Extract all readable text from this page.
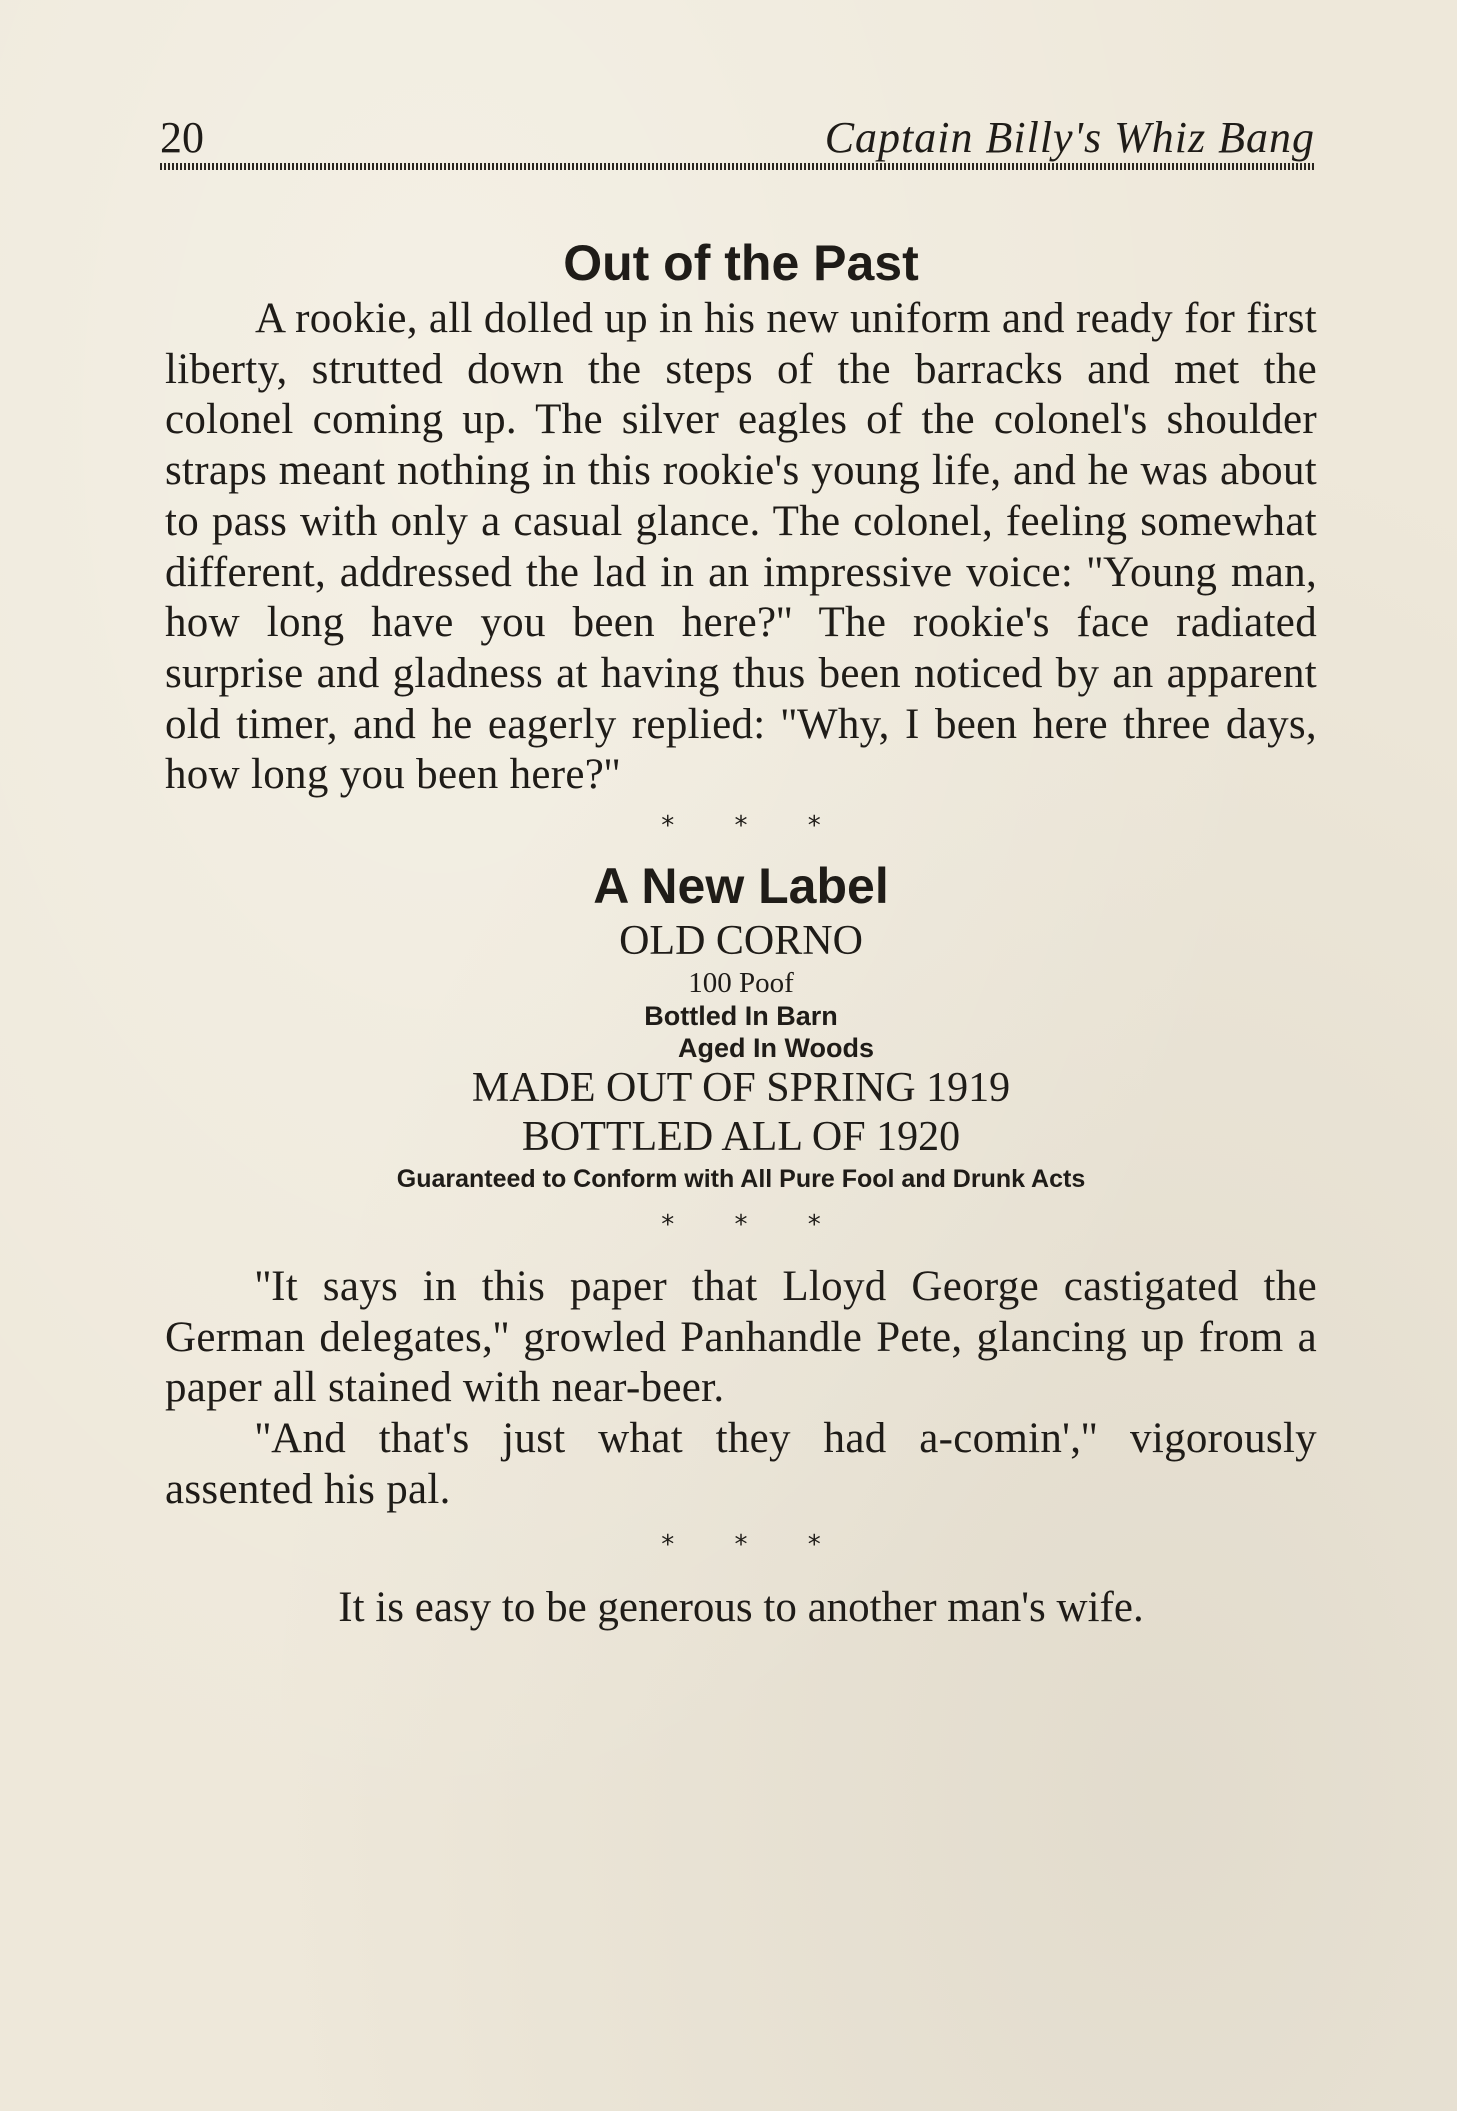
20	Captain Billy's Whiz Bang
Out of the Past

A rookie, all dolled up in his new uniform and ready for first liberty, strutted down the steps of the barracks and met the colonel coming up. The silver eagles of the colonel's shoulder straps meant nothing in this rookie's young life, and he was about to pass with only a casual glance. The colonel, feeling somewhat different, addressed the lad in an impressive voice: ''Young man, how long have you been here?'' The rookie's face radiated surprise and gladness at having thus been noticed by an apparent old timer, and he eagerly replied: ''Why, I been here three days, how long you been here?''

* * *

A New Label

OLD CORNO

100 Poof

Bottled In Barn

Aged In Woods

MADE OUT OF SPRING 1919

BOTTLED ALL OF 1920

Guaranteed to Conform with All Pure Fool and Drunk Acts

* * *

''It says in this paper that Lloyd George castigated the German delegates,'' growled Panhandle Pete, glancing up from a paper all stained with near-beer.

''And that's just what they had a-comin','' vigorously assented his pal.

* * *

It is easy to be generous to another man's wife.
